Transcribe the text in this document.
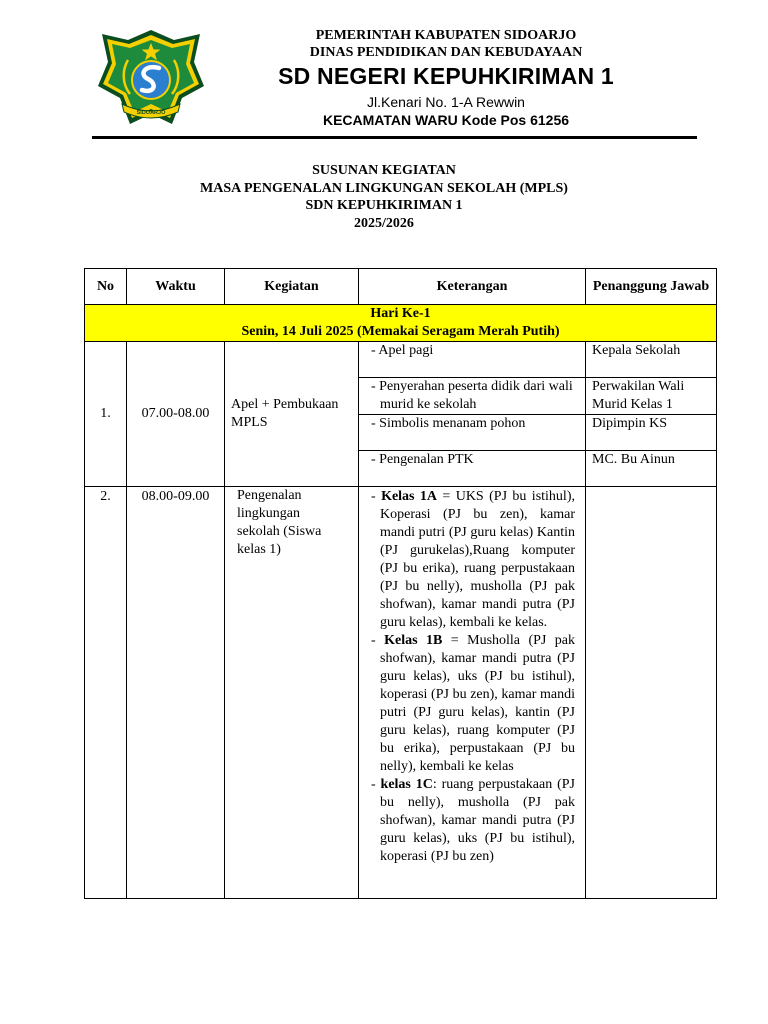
SIDOARJO
PEMERINTAH KABUPATEN SIDOARJO
DINAS PENDIDIKAN DAN KEBUDAYAAN
SD NEGERI KEPUHKIRIMAN 1
Jl.Kenari No. 1-A Rewwin
KECAMATAN WARU Kode Pos 61256
SUSUNAN KEGIATAN
MASA PENGENALAN LINGKUNGAN SEKOLAH (MPLS)
SDN KEPUHKIRIMAN 1
2025/2026
No	Waktu	Kegiatan	Keterangan	Penanggung Jawab

Hari Ke-1
Senin, 14 Juli 2025 (Memakai Seragam Merah Putih)				

1.	07.00-08.00	Apel + Pembukaan MPLS	- Apel pagi	Kepala Sekolah

			- Penyerahan peserta didik dari wali murid ke sekolah	Perwakilan Wali Murid Kelas 1

			- Simbolis menanam pohon	Dipimpin KS

			- Pengenalan PTK	MC. Bu Ainun
2.	08.00-09.00	Pengenalan lingkungan sekolah (Siswa kelas 1)	- Kelas 1A = UKS (PJ bu istihul), Koperasi (PJ bu zen), kamar mandi putri (PJ guru kelas) Kantin (PJ gurukelas),Ruang komputer (PJ bu erika), ruang perpustakaan (PJ bu nelly), musholla (PJ pak shofwan), kamar mandi putra (PJ guru kelas), kembali ke kelas.
- Kelas 1B = Musholla (PJ pak shofwan), kamar mandi putra (PJ guru kelas), uks (PJ bu istihul), koperasi (PJ bu zen), kamar mandi putri (PJ guru kelas), kantin (PJ guru kelas), ruang komputer (PJ bu erika), perpustakaan (PJ bu nelly), kembali ke kelas
- kelas 1C: ruang perpustakaan (PJ bu nelly), musholla (PJ pak shofwan), kamar mandi putra (PJ guru kelas), uks (PJ bu istihul), koperasi (PJ bu zen)	
